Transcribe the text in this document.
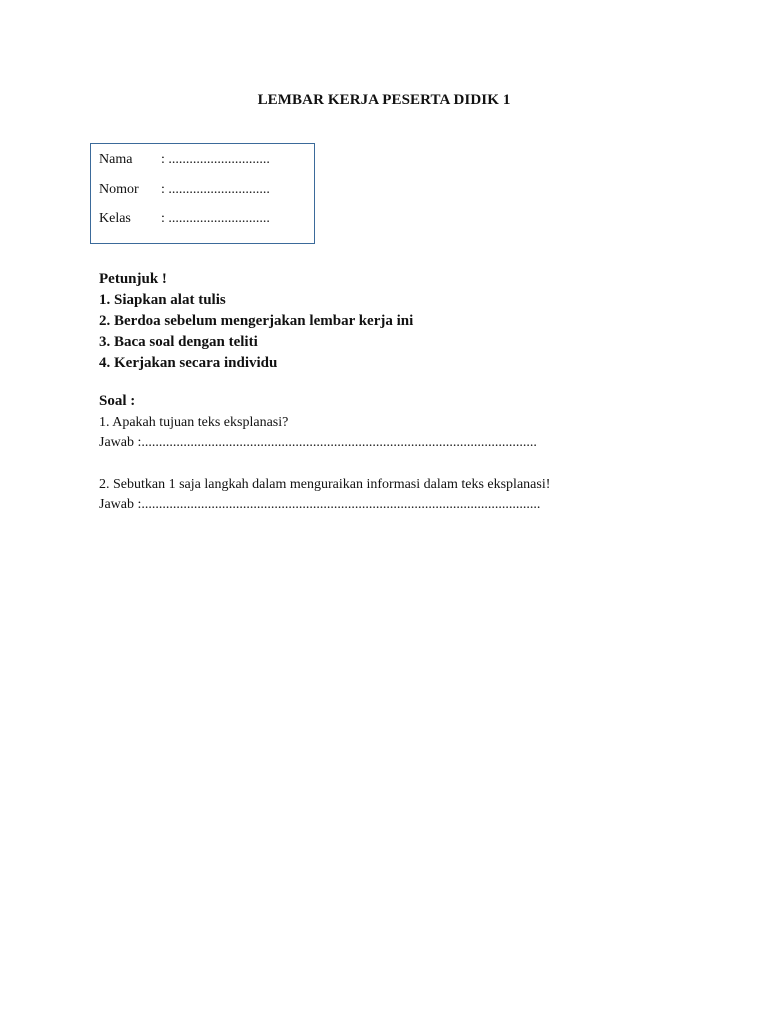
LEMBAR KERJA PESERTA DIDIK 1
Nama : .............................
Nomor : .............................
Kelas : .............................
Petunjuk !
1. Siapkan alat tulis
2. Berdoa sebelum mengerjakan lembar kerja ini
3. Baca soal dengan teliti
4. Kerjakan secara individu
Soal :
1. Apakah tujuan teks eksplanasi?
Jawab :.................................................................................................................
2. Sebutkan 1 saja langkah dalam menguraikan informasi dalam teks eksplanasi!
Jawab :..................................................................................................................
